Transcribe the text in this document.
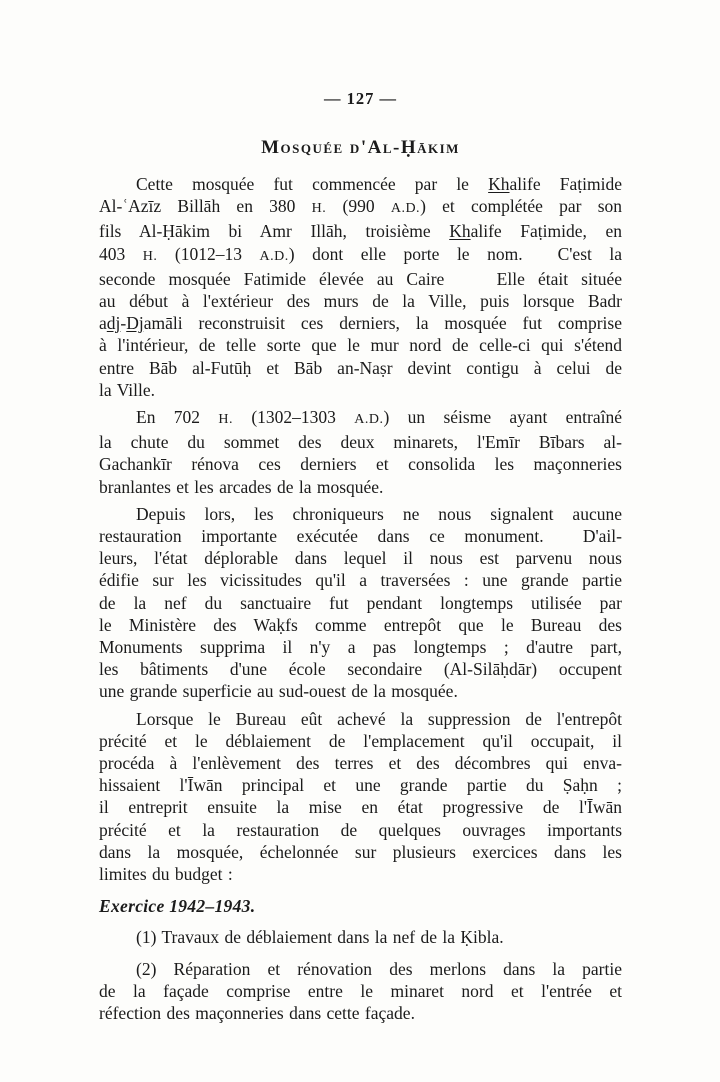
— 127 —
Mosquée d'Al-Ḥākim
Cette mosquée fut commencée par le Khalife Faṭimide
Al-ʿAzīz Billāh en 380 H. (990 A.D.) et complétée par son
fils Al-Ḥākim bi Amr Illāh, troisième Khalife Faṭimide, en
403 H. (1012–13 A.D.) dont elle porte le nom.  C'est la
seconde mosquée Fatimide élevée au Caire    Elle était située
au début à l'extérieur des murs de la Ville, puis lorsque Badr
adj-Djamāli reconstruisit ces derniers, la mosquée fut comprise
à l'intérieur, de telle sorte que le mur nord de celle-ci qui s'étend
entre Bāb al-Futūḥ et Bāb an-Naṣr devint contigu à celui de
la Ville.
En 702 H. (1302–1303 A.D.) un séisme ayant entraîné
la chute du sommet des deux minarets, l'Emīr Bībars al-
Gachankīr rénova ces derniers et consolida les maçonneries
branlantes et les arcades de la mosquée.
Depuis lors, les chroniqueurs ne nous signalent aucune
restauration importante exécutée dans ce monument.  D'ail-
leurs, l'état déplorable dans lequel il nous est parvenu nous
édifie sur les vicissitudes qu'il a traversées : une grande partie
de la nef du sanctuaire fut pendant longtemps utilisée par
le Ministère des Waḳfs comme entrepôt que le Bureau des
Monuments supprima il n'y a pas longtemps ; d'autre part,
les bâtiments d'une école secondaire (Al-Silāḥdār) occupent
une grande superficie au sud-ouest de la mosquée.
Lorsque le Bureau eût achevé la suppression de l'entrepôt
précité et le déblaiement de l'emplacement qu'il occupait, il
procéda à l'enlèvement des terres et des décombres qui enva-
hissaient l'Īwān principal et une grande partie du Ṣaḥn ;
il entreprit ensuite la mise en état progressive de l'Īwān
précité et la restauration de quelques ouvrages importants
dans la mosquée, échelonnée sur plusieurs exercices dans les
limites du budget :
Exercice 1942–1943.
(1) Travaux de déblaiement dans la nef de la Ḳibla.
(2) Réparation et rénovation des merlons dans la partie
de la façade comprise entre le minaret nord et l'entrée et
réfection des maçonneries dans cette façade.
